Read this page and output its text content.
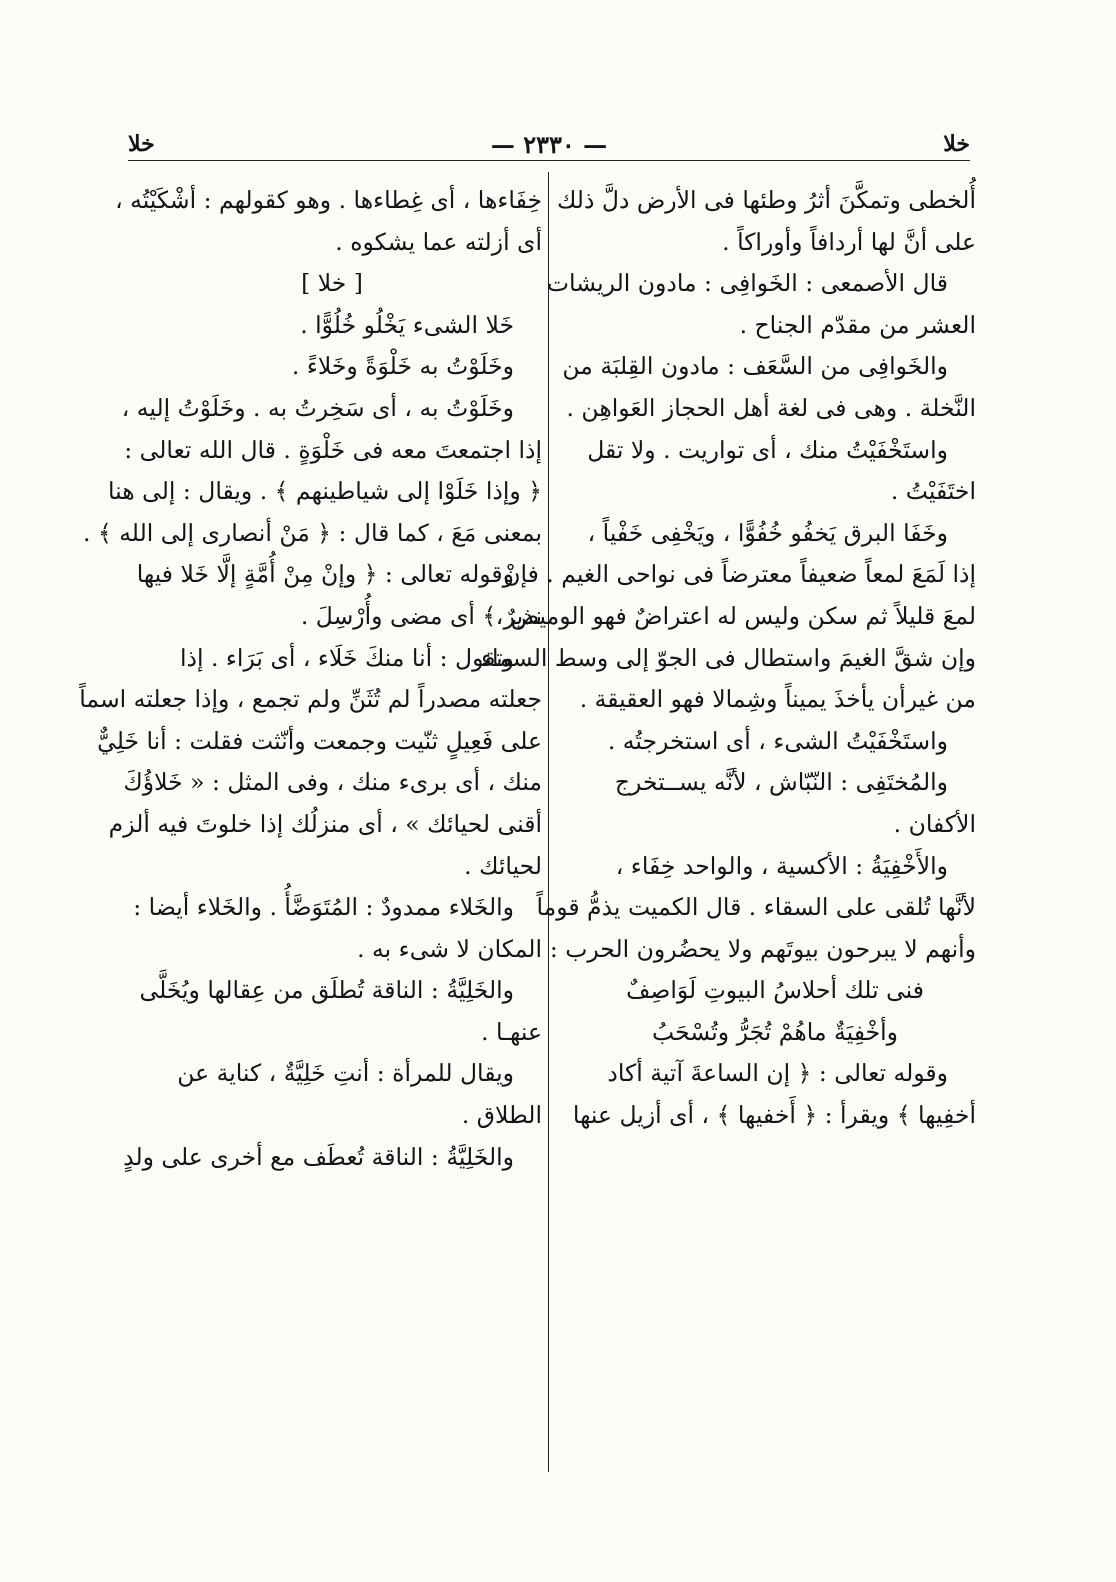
خلا
— ٢٣٣٠ —
خلا
أُلخطى وتمكَّنَ أثرُ وطئها فى الأرض دلَّ ذلك
على أنَّ لها أردافاً وأوراكاً .
قال الأصمعى : الخَوافِى : مادون الريشات
العشر من مقدّم الجناح .
والخَوافِى من السَّعَف : مادون القِلبَة من
النَّخلة . وهى فى لغة أهل الحجاز العَواهِن .
واستَخْفَيْتُ منك ، أى تواريت . ولا تقل
اختَفَيْتُ .
وخَفَا البرق يَخفُو خُفُوًّا ، ويَخْفِى خَفْياً ،
إذا لَمَعَ لمعاً ضعيفاً معترضاً فى نواحى الغيم . فإنْ
لمعَ قليلاً ثم سكن وليس له اعتراضٌ فهو الوميض ،
وإن شقَّ الغيمَ واستطال فى الجوّ إلى وسط السماء
من غيرأن يأخذَ يميناً وشِمالا فهو العقيقة .
واستَخْفَيْتُ الشىء ، أى استخرجتُه .
والمُختَفِى : النّبّاش ، لأنَّه يســتخرج
الأكفان .
والأَخْفِيَةُ : الأكسية ، والواحد خِفَاء ،
لأنَّها تُلقى على السقاء . قال الكميت يذمُّ قوماً
وأنهم لا يبرحون بيوتَهم ولا يحضُرون الحرب :
فنى تلك أحلاسُ البيوتِ لَوَاصِفٌ
وأخْفِيَةٌ ماهُمْ تُجَرُّ وتُسْحَبُ
وقوله تعالى : ﴿ إن الساعةَ آتية أكاد
أخفِيها ﴾ ويقرأ : ﴿ أَخفيها ﴾ ، أى أزيل عنها
خِفَاءها ، أى غِطاءها . وهو كقولهم : أشْكَيْتُه ،
أى أزلته عما يشكوه .
[ خلا ]
خَلا الشىء يَخْلُو خُلُوًّا .
وخَلَوْتُ به خَلْوَةً وخَلاءً .
وخَلَوْتُ به ، أى سَخِرتُ به . وخَلَوْتُ إليه ،
إذا اجتمعتَ معه فى خَلْوَةٍ . قال الله تعالى :
﴿ وإذا خَلَوْا إلى شياطينهم ﴾ . ويقال : إلى هنا
بمعنى مَعَ ، كما قال : ﴿ مَنْ أنصارى إلى الله ﴾ .
وقوله تعالى : ﴿ وإنْ مِنْ أُمَّةٍ إلَّا خَلا فيها
نذيرٌ ﴾ أى مضى وأُرْسِلَ .
وتقول : أنا منكَ خَلَاء ، أى بَرَاء . إذا
جعلته مصدراً لم تُثَنِّ ولم تجمع ، وإذا جعلته اسماً
على فَعِيلٍ ثنّيت وجمعت وأنّثت فقلت : أنا خَلِيٌّ
منك ، أى برىء منك ، وفى المثل : « خَلاؤُكَ
أقنى لحيائك » ، أى منزلُك إذا خلوتَ فيه ألزم
لحيائك .
والخَلاء ممدودٌ : المُتَوَضَّأُ . والخَلاء أيضا :
المكان لا شىء به .
والخَلِيَّةُ : الناقة تُطلَق من عِقالها ويُخَلَّى
عنهـا .
ويقال للمرأة : أنتِ خَلِيَّةٌ ، كناية عن
الطلاق .
والخَلِيَّةُ : الناقة تُعطَف مع أخرى على ولدٍ
